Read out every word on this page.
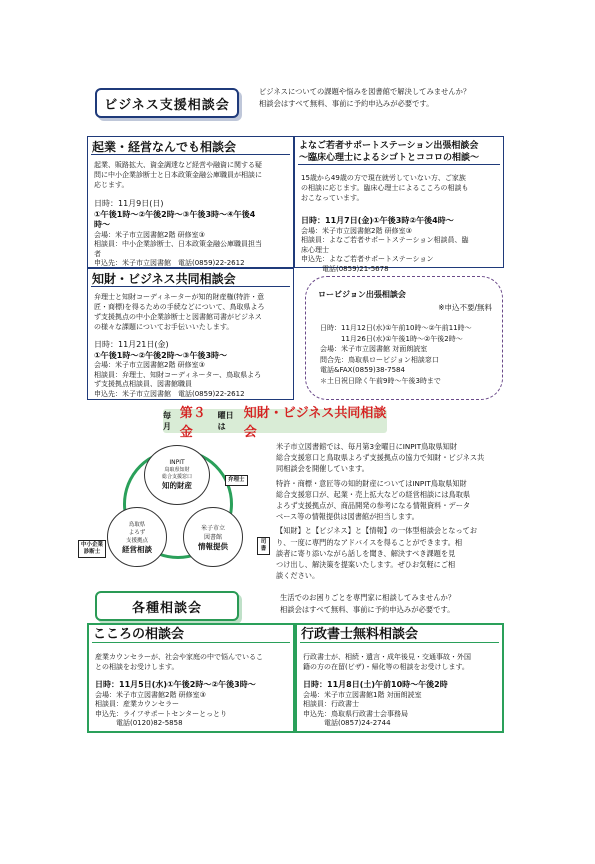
ビジネス支援相談会
ビジネスについての課題や悩みを図書館で解決してみませんか？
相談会はすべて無料、事前に予約申込みが必要です。
起業・経営なんでも相談会
起業、販路拡大、資金調達など経営や融資に関する疑
問に中小企業診断士と日本政策金融公庫職員が相談に
応じます。
日時：11月9日(日)
①午後1時～②午後2時～③午後3時～④午後4
時～
会場：米子市立図書館2階 研修室③
相談員：中小企業診断士、日本政策金融公庫職員担当
者
申込先：米子市立図書館　電話(0859)22-2612
よなご若者サポートステーション出張相談会
～臨床心理士によるシゴトとココロの相談～
15歳から49歳の方で現在就労していない方、ご家族
の相談に応じます。臨床心理士によるこころの相談も
おこなっています。
日時：11月7日(金)①午後3時②午後4時～
会場：米子市立図書館2階 研修室③
相談員：よなご若者サポートステーション相談員、臨
床心理士
申込先：よなご若者サポートステーション
　　　電話(0859)21-5678
知財・ビジネス共同相談会
弁理士と知財コーディネーターが知的財産権(特許・意
匠・商標)を得るための手続などについて、鳥取県よろ
ず支援拠点の中小企業診断士と図書館司書がビジネス
の様々な課題についてお手伝いいたします。
日時：11月21日(金)
①午後1時～②午後2時～③午後3時～
会場：米子市立図書館2階 研修室③
相談員：弁理士、知財コーディネーター、鳥取県よろ
ず支援拠点相談員、図書館職員
申込先：米子市立図書館　電話(0859)22-2612
ロービジョン出張相談会
※申込不要/無料
日時：11月12日(水)①午前10時～②午前11時～
　　　11月26日(水)①午後1時～②午後2時～
会場：米子市立図書館 対面朗読室
問合先：鳥取県ロービジョン相談窓口
電話&FAX(0859)38-7584
＊土日祝日除く午前9時～午後3時まで
毎月
第３金
曜日は
知財・ビジネス共同相談会
INPIT
鳥取県知財
総合支援窓口
知的財産
鳥取県
よろず
支援拠点
経営相談
米子市立
図書館
情報提供
弁理士
中小企業
診断士
司書

米子市立図書館では、毎月第3金曜日にINPIT鳥取県知財
総合支援窓口と鳥取県よろず支援拠点の協力で知財・ビジネス共
同相談会を開催しています。

特許・商標・意匠等の知的財産についてはINPIT鳥取県知財
総合支援窓口が、起業・売上拡大などの経営相談には鳥取県
よろず支援拠点が、商品開発の参考になる情報資料・データ
ベース等の情報提供は図書館が担当します。

【知財】と【ビジネス】と【情報】の一体型相談会となってお
り、一度に専門的なアドバイスを得ることができます。相
談者に寄り添いながら話しを聞き、解決すべき課題を見
つけ出し、解決策を提案いたします。ぜひお気軽にご相
談ください。

各種相談会
生活でのお困りごとを専門家に相談してみませんか？
相談会はすべて無料、事前に予約申込みが必要です。
こころの相談会
産業カウンセラーが、社会や家庭の中で悩んでいるこ
との相談をお受けします。
日時：11月5日(水)①午後2時～②午後3時～
会場：米子市立図書館2階 研修室③
相談員：産業カウンセラー
申込先：ライフサポートセンターとっとり
　　　電話(0120)82-5858
行政書士無料相談会
行政書士が、相続・遺言・成年後見・交通事故・外国
籍の方の在留(ビザ)・帰化等の相談をお受けします。
日時：11月8日(土)午前10時～午後2時
会場：米子市立図書館1階 対面朗読室
相談員：行政書士
申込先：鳥取県行政書士会事務局
　　　電話(0857)24-2744
